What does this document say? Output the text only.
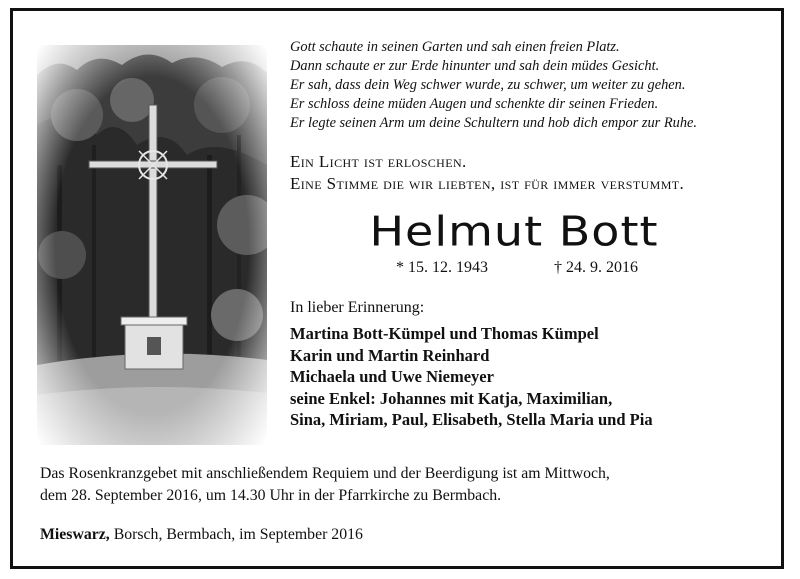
Gott schaute in seinen Garten und sah einen freien Platz.
Dann schaute er zur Erde hinunter und sah dein müdes Gesicht.
Er sah, dass dein Weg schwer wurde, zu schwer, um weiter zu gehen.
Er schloss deine müden Augen und schenkte dir seinen Frieden.
Er legte seinen Arm um deine Schultern und hob dich empor zur Ruhe.
Ein Licht ist erloschen.
Eine Stimme die wir liebten, ist für immer verstummt.
Helmut Bott
* 15. 12. 1943	† 24. 9. 2016
In lieber Erinnerung:
Martina Bott-Kümpel und Thomas Kümpel
Karin und Martin Reinhard
Michaela und Uwe Niemeyer
seine Enkel: Johannes mit Katja, Maximilian,
Sina, Miriam, Paul, Elisabeth, Stella Maria und Pia
Das Rosenkranzgebet mit anschließendem Requiem und der Beerdigung ist am Mittwoch,
dem 28. September 2016, um 14.30 Uhr in der Pfarrkirche zu Bermbach.
Mieswarz, Borsch, Bermbach, im September 2016
